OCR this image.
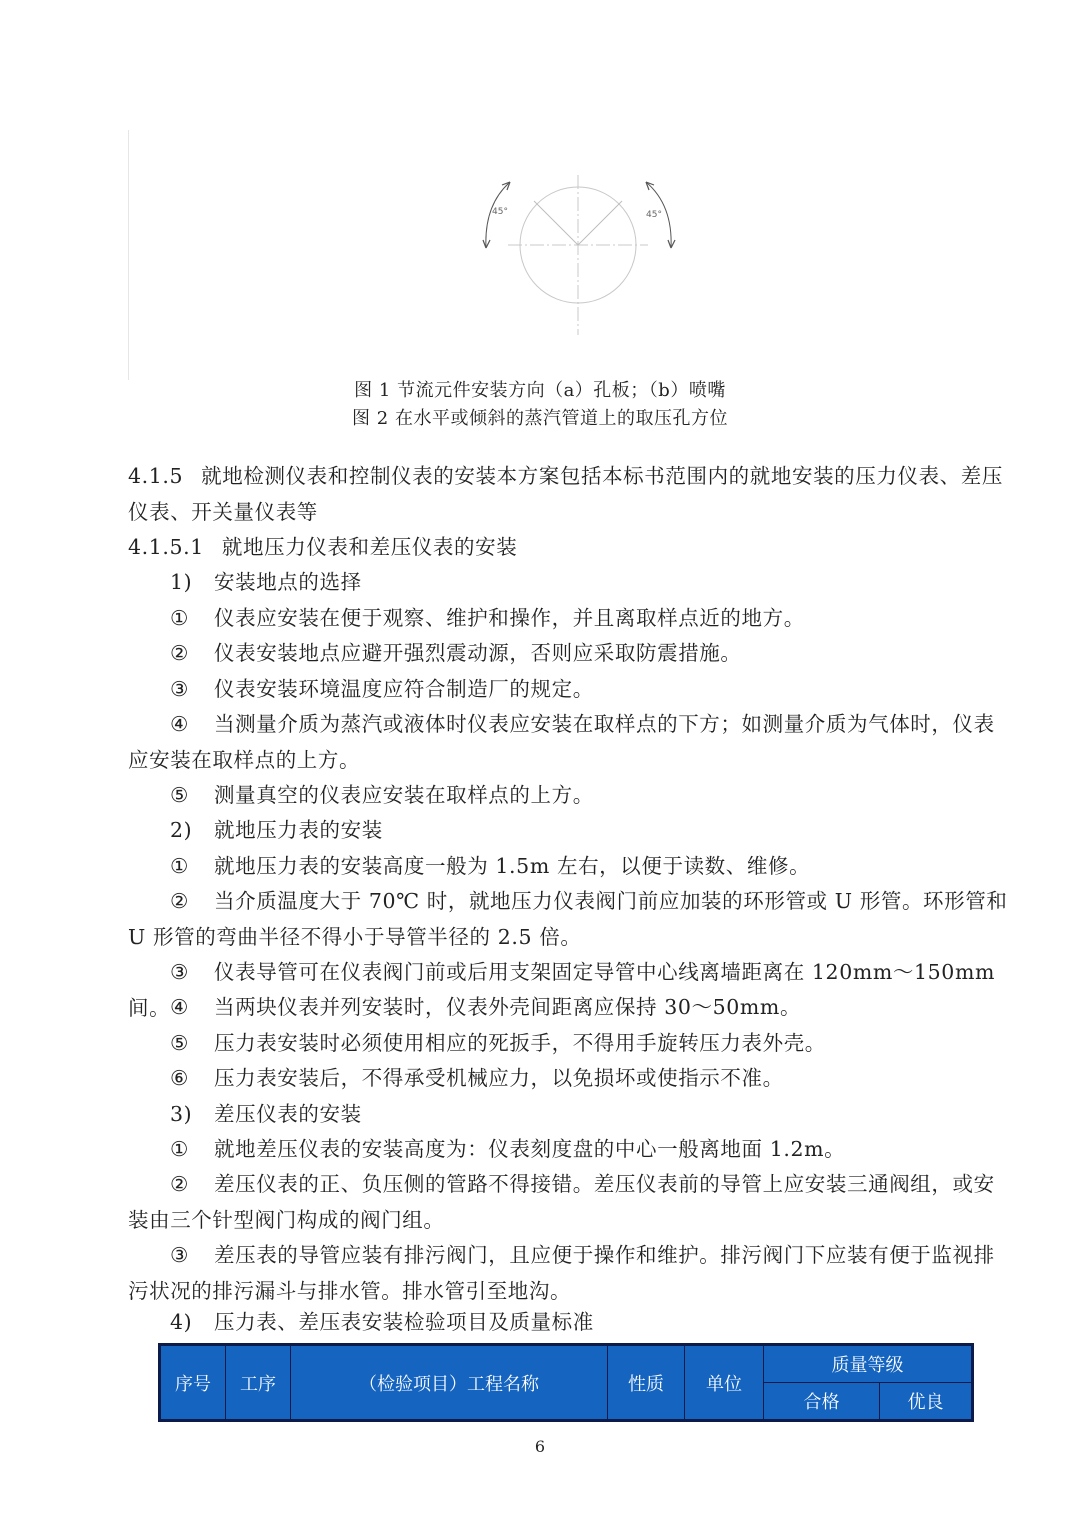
45°	45°
图 1 节流元件安装方向（a）孔板；（b）喷嘴
图 2 在水平或倾斜的蒸汽管道上的取压孔方位

4.1.5 就地检测仪表和控制仪表的安装本方案包括本标书范围内的就地安装的压力仪表、差压仪表、开关量仪表等

4.1.5.1 就地压力仪表和差压仪表的安装

1) 安装地点的选择

① 仪表应安装在便于观察、维护和操作，并且离取样点近的地方。

② 仪表安装地点应避开强烈震动源，否则应采取防震措施。

③ 仪表安装环境温度应符合制造厂的规定。

④ 当测量介质为蒸汽或液体时仪表应安装在取样点的下方；如测量介质为气体时，仪表应安装在取样点的上方。

⑤ 测量真空的仪表应安装在取样点的上方。

2) 就地压力表的安装

① 就地压力表的安装高度一般为 1.5m 左右，以便于读数、维修。

② 当介质温度大于 70℃ 时，就地压力仪表阀门前应加装的环形管或 U 形管。环形管和 U 形管的弯曲半径不得小于导管半径的 2.5 倍。

③ 仪表导管可在仪表阀门前或后用支架固定导管中心线离墙距离在 120mm～150mm 间。 ④ 当两块仪表并列安装时，仪表外壳间距离应保持 30～50mm。

⑤ 压力表安装时必须使用相应的死扳手，不得用手旋转压力表外壳。

⑥ 压力表安装后，不得承受机械应力，以免损坏或使指示不准。

3) 差压仪表的安装

① 就地差压仪表的安装高度为：仪表刻度盘的中心一般离地面 1.2m。

② 差压仪表的正、负压侧的管路不得接错。差压仪表前的导管上应安装三通阀组，或安装由三个针型阀门构成的阀门组。

③ 差压表的导管应装有排污阀门，且应便于操作和维护。排污阀门下应装有便于监视排污状况的排污漏斗与排水管。排水管引至地沟。

4) 压力表、差压表安装检验项目及质量标准

序号	工序	（检验项目）工程名称	性质	单位	质量等级	
					合格	优良
6
